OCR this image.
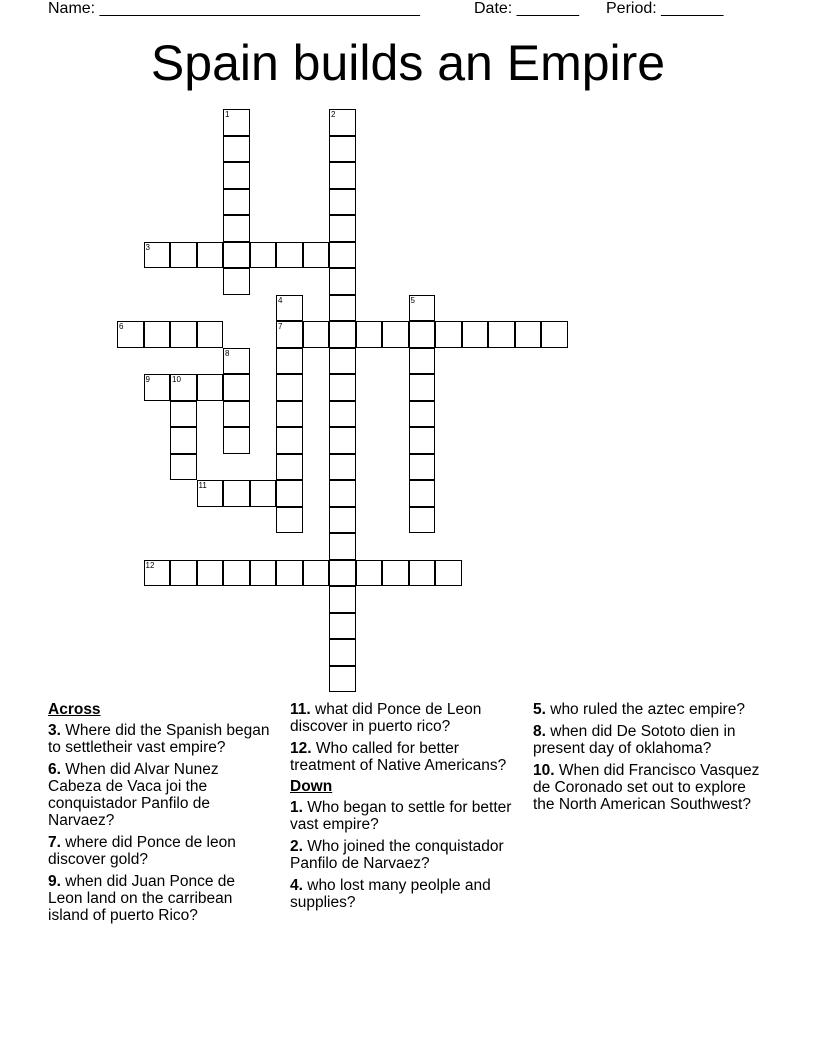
Name: ____________________________________

	Date: _______

Period: _______

Spain builds an Empire
1	2
3
4
7
5
6
8
9	10
11
12
Across
3. Where did the Spanish began to settletheir vast empire?
6. When did Alvar Nunez Cabeza de Vaca joi the conquistador Panfilo de Narvaez?
7. where did Ponce de leon discover gold?
9. when did Juan Ponce de Leon land on the carribean island of puerto Rico?
11. what did Ponce de Leon discover in puerto rico?
12. Who called for better treatment of Native Americans?
Down
1. Who began to settle for better vast empire?
2. Who joined the conquistador Panfilo de Narvaez?
4. who lost many peolple and supplies?
5. who ruled the aztec empire?
8. when did De Sototo dien in present day of oklahoma?
10. When did Francisco Vasquez de Coronado set out to explore the North American Southwest?
